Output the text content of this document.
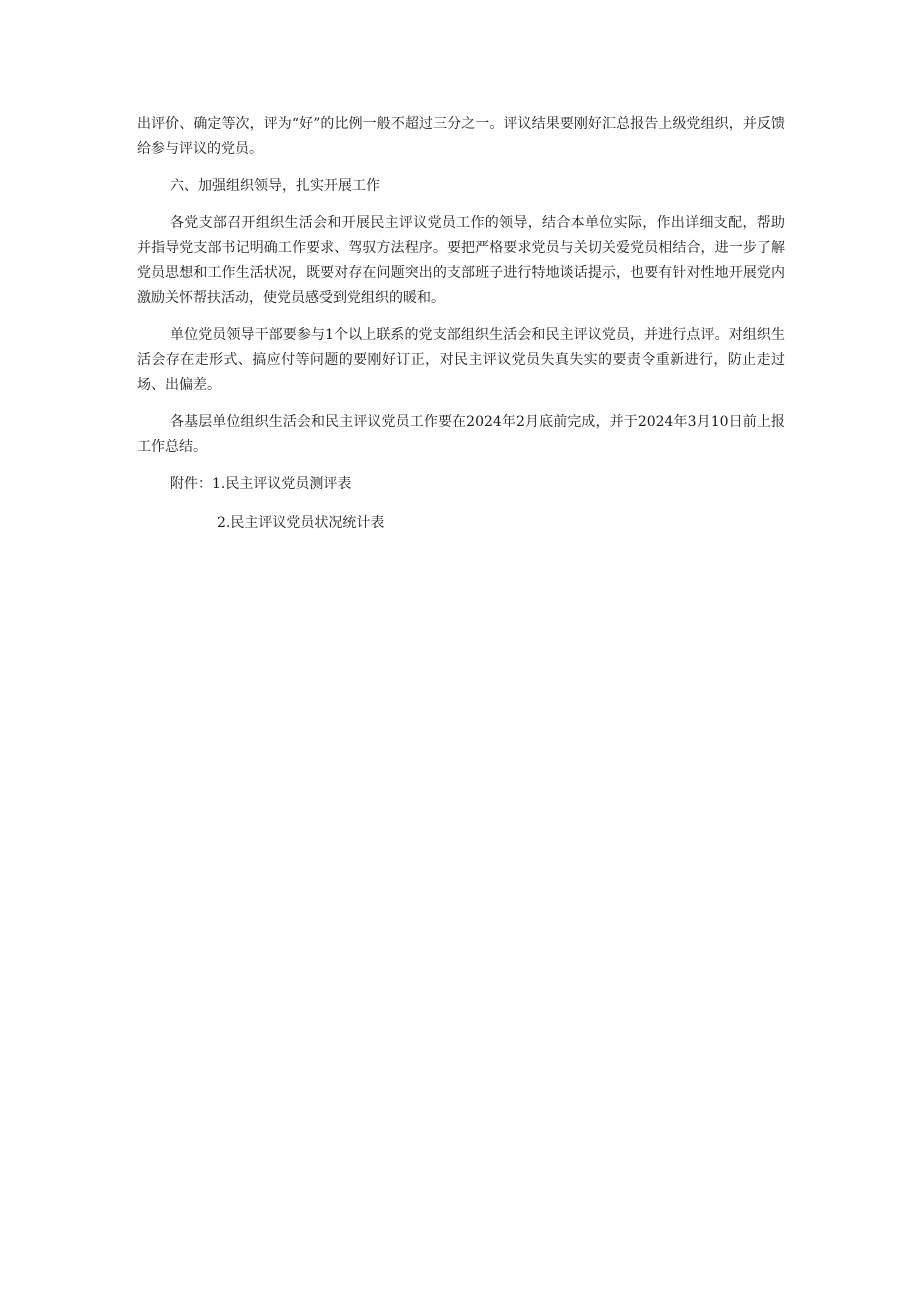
出评价、确定等次，评为“好”的比例一般不超过三分之一。评议结果要刚好汇总报告上级党组织，并反馈给参与评议的党员。

六、加强组织领导，扎实开展工作

各党支部召开组织生活会和开展民主评议党员工作的领导，结合本单位实际，作出详细支配，帮助并指导党支部书记明确工作要求、驾驭方法程序。要把严格要求党员与关切关爱党员相结合，进一步了解党员思想和工作生活状况，既要对存在问题突出的支部班子进行特地谈话提示，也要有针对性地开展党内激励关怀帮扶活动，使党员感受到党组织的暖和。

单位党员领导干部要参与1个以上联系的党支部组织生活会和民主评议党员，并进行点评。对组织生活会存在走形式、搞应付等问题的要刚好订正，对民主评议党员失真失实的要责令重新进行，防止走过场、出偏差。

各基层单位组织生活会和民主评议党员工作要在2024年2月底前完成，并于2024年3月10日前上报工作总结。

附件：1.民主评议党员测评表

2.民主评议党员状况统计表
